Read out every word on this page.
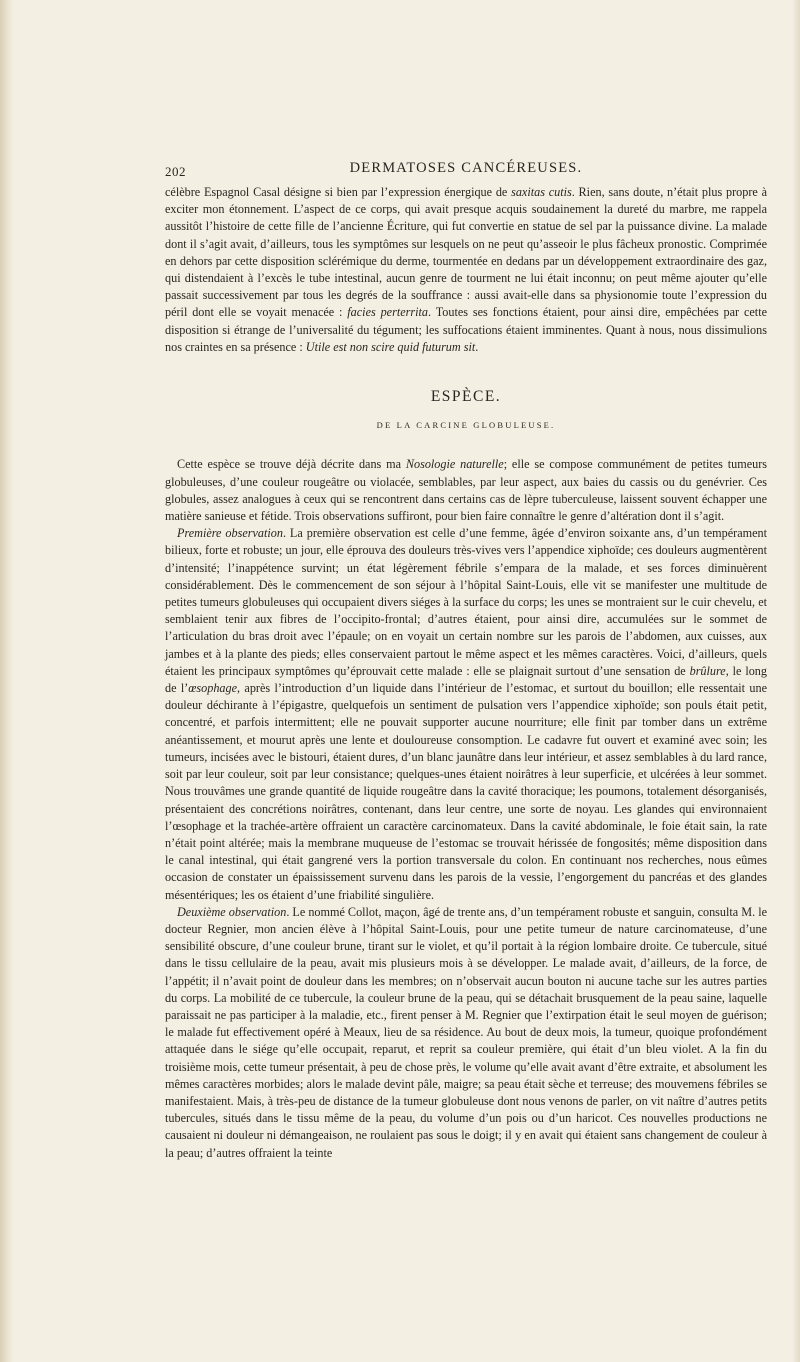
202	DERMATOSES CANCÉREUSES.

célèbre Espagnol Casal désigne si bien par l’expression énergique de saxitas cutis. Rien, sans doute, n’était plus propre à exciter mon étonnement. L’aspect de ce corps, qui avait presque acquis soudainement la dureté du marbre, me rappela aussitôt l’histoire de cette fille de l’ancienne Écriture, qui fut convertie en statue de sel par la puissance divine. La malade dont il s’agit avait, d’ailleurs, tous les symptômes sur lesquels on ne peut qu’asseoir le plus fâcheux pronostic. Comprimée en dehors par cette disposition sclérémique du derme, tourmentée en dedans par un développement extraordinaire des gaz, qui distendaient à l’excès le tube intestinal, aucun genre de tourment ne lui était inconnu; on peut même ajouter qu’elle passait successivement par tous les degrés de la souffrance : aussi avait-elle dans sa physionomie toute l’expression du péril dont elle se voyait menacée : facies perterrita. Toutes ses fonctions étaient, pour ainsi dire, empêchées par cette disposition si étrange de l’universalité du tégument; les suffocations étaient imminentes. Quant à nous, nous dissimulions nos craintes en sa présence : Utile est non scire quid futurum sit.

ESPÈCE.
DE LA CARCINE GLOBULEUSE.

Cette espèce se trouve déjà décrite dans ma Nosologie naturelle; elle se compose communément de petites tumeurs globuleuses, d’une couleur rougeâtre ou violacée, semblables, par leur aspect, aux baies du cassis ou du genévrier. Ces globules, assez analogues à ceux qui se rencontrent dans certains cas de lèpre tuberculeuse, laissent souvent échapper une matière sanieuse et fétide. Trois observations suffiront, pour bien faire connaître le genre d’altération dont il s’agit.

Première observation. La première observation est celle d’une femme, âgée d’environ soixante ans, d’un tempérament bilieux, forte et robuste; un jour, elle éprouva des douleurs très-vives vers l’appendice xiphoïde; ces douleurs augmentèrent d’intensité; l’inappétence survint; un état légèrement fébrile s’empara de la malade, et ses forces diminuèrent considérablement. Dès le commencement de son séjour à l’hôpital Saint-Louis, elle vit se manifester une multitude de petites tumeurs globuleuses qui occupaient divers siéges à la surface du corps; les unes se montraient sur le cuir chevelu, et semblaient tenir aux fibres de l’occipito-frontal; d’autres étaient, pour ainsi dire, accumulées sur le sommet de l’articulation du bras droit avec l’épaule; on en voyait un certain nombre sur les parois de l’abdomen, aux cuisses, aux jambes et à la plante des pieds; elles conservaient partout le même aspect et les mêmes caractères. Voici, d’ailleurs, quels étaient les principaux symptômes qu’éprouvait cette malade : elle se plaignait surtout d’une sensation de brûlure, le long de l’œsophage, après l’introduction d’un liquide dans l’intérieur de l’estomac, et surtout du bouillon; elle ressentait une douleur déchirante à l’épigastre, quelquefois un sentiment de pulsation vers l’appendice xiphoïde; son pouls était petit, concentré, et parfois intermittent; elle ne pouvait supporter aucune nourriture; elle finit par tomber dans un extrême anéantissement, et mourut après une lente et douloureuse consomption. Le cadavre fut ouvert et examiné avec soin; les tumeurs, incisées avec le bistouri, étaient dures, d’un blanc jaunâtre dans leur intérieur, et assez semblables à du lard rance, soit par leur couleur, soit par leur consistance; quelques-unes étaient noirâtres à leur superficie, et ulcérées à leur sommet. Nous trouvâmes une grande quantité de liquide rougeâtre dans la cavité thoracique; les poumons, totalement désorganisés, présentaient des concrétions noirâtres, contenant, dans leur centre, une sorte de noyau. Les glandes qui environnaient l’œsophage et la trachée-artère offraient un caractère carcinomateux. Dans la cavité abdominale, le foie était sain, la rate n’était point altérée; mais la membrane muqueuse de l’estomac se trouvait hérissée de fongosités; même disposition dans le canal intestinal, qui était gangrené vers la portion transversale du colon. En continuant nos recherches, nous eûmes occasion de constater un épaississement survenu dans les parois de la vessie, l’engorgement du pancréas et des glandes mésentériques; les os étaient d’une friabilité singulière.

Deuxième observation. Le nommé Collot, maçon, âgé de trente ans, d’un tempérament robuste et sanguin, consulta M. le docteur Regnier, mon ancien élève à l’hôpital Saint-Louis, pour une petite tumeur de nature carcinomateuse, d’une sensibilité obscure, d’une couleur brune, tirant sur le violet, et qu’il portait à la région lombaire droite. Ce tubercule, situé dans le tissu cellulaire de la peau, avait mis plusieurs mois à se développer. Le malade avait, d’ailleurs, de la force, de l’appétit; il n’avait point de douleur dans les membres; on n’observait aucun bouton ni aucune tache sur les autres parties du corps. La mobilité de ce tubercule, la couleur brune de la peau, qui se détachait brusquement de la peau saine, laquelle paraissait ne pas participer à la maladie, etc., firent penser à M. Regnier que l’extirpation était le seul moyen de guérison; le malade fut effectivement opéré à Meaux, lieu de sa résidence. Au bout de deux mois, la tumeur, quoique profondément attaquée dans le siége qu’elle occupait, reparut, et reprit sa couleur première, qui était d’un bleu violet. A la fin du troisième mois, cette tumeur présentait, à peu de chose près, le volume qu’elle avait avant d’être extraite, et absolument les mêmes caractères morbides; alors le malade devint pâle, maigre; sa peau était sèche et terreuse; des mouvemens fébriles se manifestaient. Mais, à très-peu de distance de la tumeur globuleuse dont nous venons de parler, on vit naître d’autres petits tubercules, situés dans le tissu même de la peau, du volume d’un pois ou d’un haricot. Ces nouvelles productions ne causaient ni douleur ni démangeaison, ne roulaient pas sous le doigt; il y en avait qui étaient sans changement de couleur à la peau; d’autres offraient la teinte
